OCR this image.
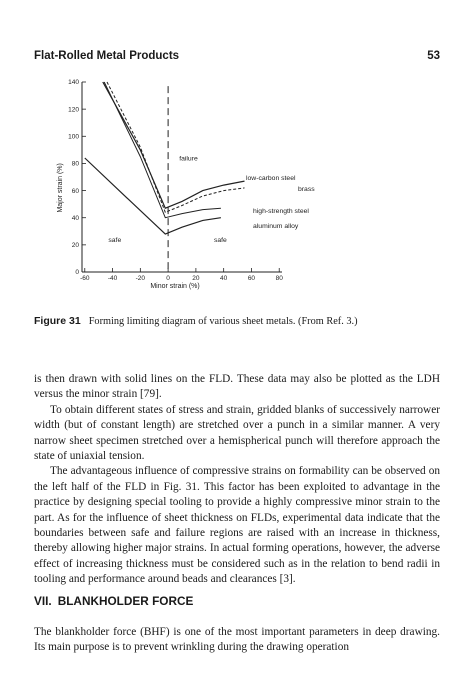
Flat-Rolled Metal Products	53
0
20
40
60
80
100
120
140
-60	-40	-20	0	20	40	60	80
Minor strain (%)
Major strain (%)	low-carbon steel
brass
high-strength steel
aluminum alloy
failure
safe	safe
Figure 31 Forming limiting diagram of various sheet metals. (From Ref. 3.)

is then drawn with solid lines on the FLD. These data may also be plotted as the LDH versus the minor strain [79].

To obtain different states of stress and strain, gridded blanks of successively narrower width (but of constant length) are stretched over a punch in a similar manner. A very narrow sheet specimen stretched over a hemispherical punch will therefore approach the state of uniaxial tension.

The advantageous influence of compressive strains on formability can be observed on the left half of the FLD in Fig. 31. This factor has been exploited to advantage in the practice by designing special tooling to provide a highly compressive minor strain to the part. As for the influence of sheet thickness on FLDs, experimental data indicate that the boundaries between safe and failure regions are raised with an increase in thickness, thereby allowing higher major strains. In actual forming operations, however, the adverse effect of increasing thickness must be considered such as in the relation to bend radii in tooling and performance around beads and clearances [3].

VII. BLANKHOLDER FORCE

The blankholder force (BHF) is one of the most important parameters in deep drawing. Its main purpose is to prevent wrinkling during the drawing operation
